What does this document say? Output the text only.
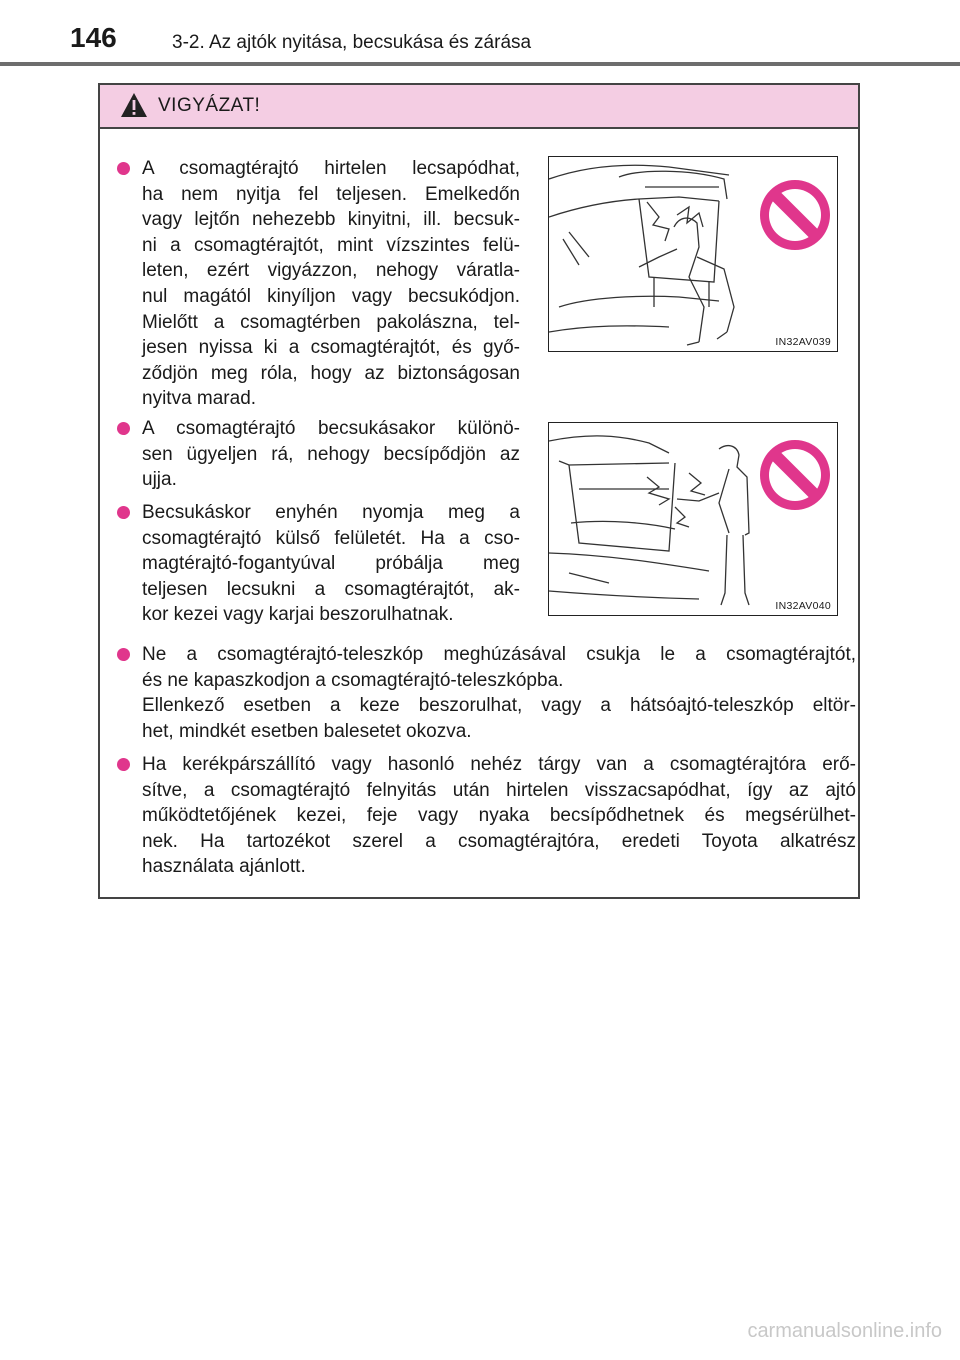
146	3-2. Az ajtók nyitása, becsukása és zárása
VIGYÁZAT!
A csomagtérajtó hirtelen lecsapódhat,
ha nem nyitja fel teljesen. Emelkedőn
vagy lejtőn nehezebb kinyitni, ill. becsuk-
ni a csomagtérajtót, mint vízszintes felü-
leten, ezért vigyázzon, nehogy váratla-
nul magától kinyíljon vagy becsukódjon.
Mielőtt a csomagtérben pakolászna, tel-
jesen nyissa ki a csomagtérajtót, és győ-
ződjön meg róla, hogy az biztonságosan
nyitva marad.
IN32AV039
A csomagtérajtó becsukásakor különö-
sen ügyeljen rá, nehogy becsípődjön az
ujja.
Becsukáskor enyhén nyomja meg a
csomagtérajtó külső felületét. Ha a cso-
magtérajtó-fogantyúval próbálja meg
teljesen lecsukni a csomagtérajtót, ak-
kor kezei vagy karjai beszorulhatnak.	IN32AV040
Ne a csomagtérajtó-teleszkóp meghúzásával csukja le a csomagtérajtót,
és ne kapaszkodjon a csomagtérajtó-teleszkópba.
Ellenkező esetben a keze beszorulhat, vagy a hátsóajtó-teleszkóp eltör-
het, mindkét esetben balesetet okozva.
Ha kerékpárszállító vagy hasonló nehéz tárgy van a csomagtérajtóra erő-
sítve, a csomagtérajtó felnyitás után hirtelen visszacsapódhat, így az ajtó
működtetőjének kezei, feje vagy nyaka becsípődhetnek és megsérülhet-
nek. Ha tartozékot szerel a csomagtérajtóra, eredeti Toyota alkatrész
használata ajánlott.
carmanualsonline.info
